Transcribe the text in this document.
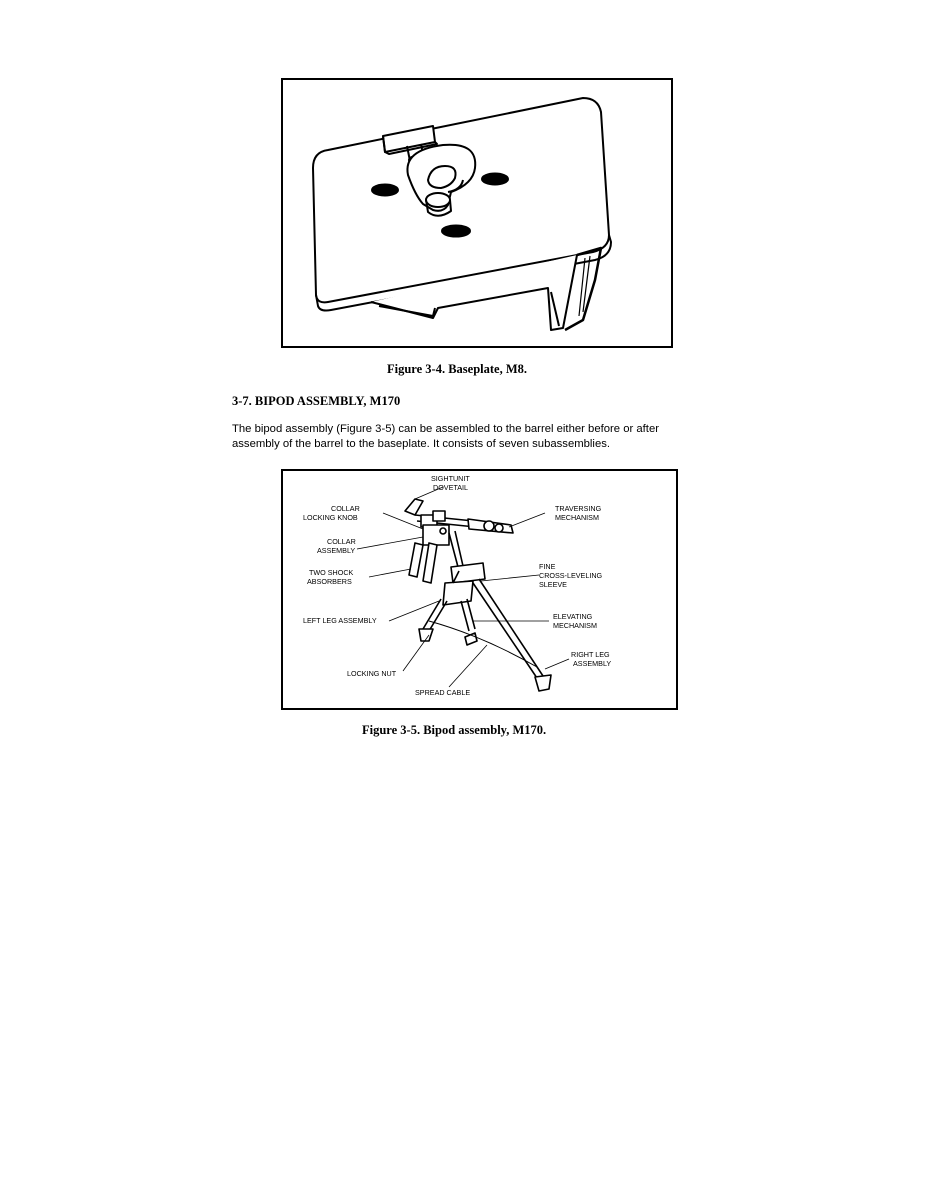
Figure 3-4. Baseplate, M8.
3-7. BIPOD ASSEMBLY, M170
The bipod assembly (Figure 3-5) can be assembled to the barrel either before or after
assembly of the barrel to the baseplate. It consists of seven subassemblies.
SIGHTUNIT
DOVETAIL
COLLAR
LOCKING KNOB
TRAVERSING
MECHANISM
COLLAR
ASSEMBLY
TWO SHOCK
ABSORBERS
FINE
CROSS-LEVELING
SLEEVE
LEFT LEG ASSEMBLY	ELEVATING
MECHANISM
RIGHT LEG
ASSEMBLY
LOCKING NUT
SPREAD CABLE
Figure 3-5. Bipod assembly, M170.
